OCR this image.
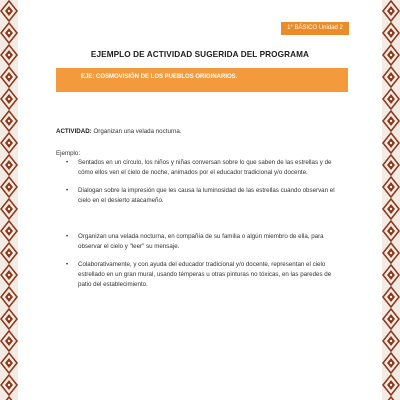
1° BÁSICO Unidad 2
EJEMPLO DE ACTIVIDAD SUGERIDA DEL PROGRAMA
EJE: COSMOVISIÓN DE LOS PUEBLOS ORIGINARIOS.
ACTIVIDAD: Organizan una velada nocturna.
Ejemplo:
• Sentados en un círculo, los niños y niñas conversan sobre lo que saben de las estrellas y de cómo ellos ven el cielo de noche, animados por el educador tradicional y/o docente.
• Dialogan sobre la impresión que les causa la luminosidad de las estrellas cuando observan el cielo en el desierto atacameño.
• Organizan una velada nocturna, en compañía de su familia o algún miembro de ella, para observar el cielo y "leer" su mensaje.
• Colaborativamente, y con ayuda del educador tradicional y/o docente, representan el cielo estrellado en un gran mural, usando témperas u otras pinturas no tóxicas, en las paredes de patio del establecimiento.
